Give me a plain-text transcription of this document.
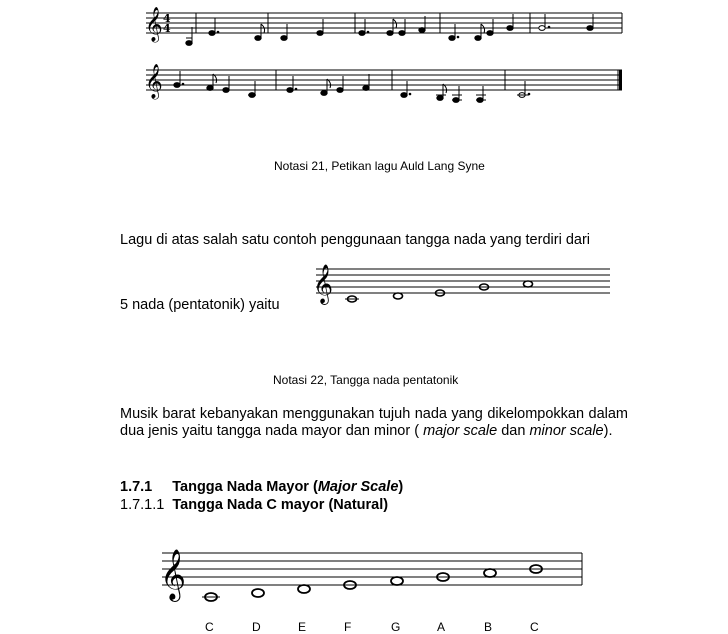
𝄞 4
4
𝄞
Notasi 21, Petikan lagu Auld Lang Syne
Lagu di atas salah satu contoh penggunaan tangga nada yang terdiri dari
5 nada (pentatonik) yaitu
𝄞
Notasi 22, Tangga nada pentatonik
Musik barat kebanyakan menggunakan tujuh nada yang dikelompokkan dalam dua jenis yaitu tangga nada mayor dan minor ( major scale dan minor scale).
1.7.1 Tangga Nada Mayor (Major Scale)
1.7.1.1 Tangga Nada C mayor (Natural)
𝄞
C	D	E	F	G	A	B	C
